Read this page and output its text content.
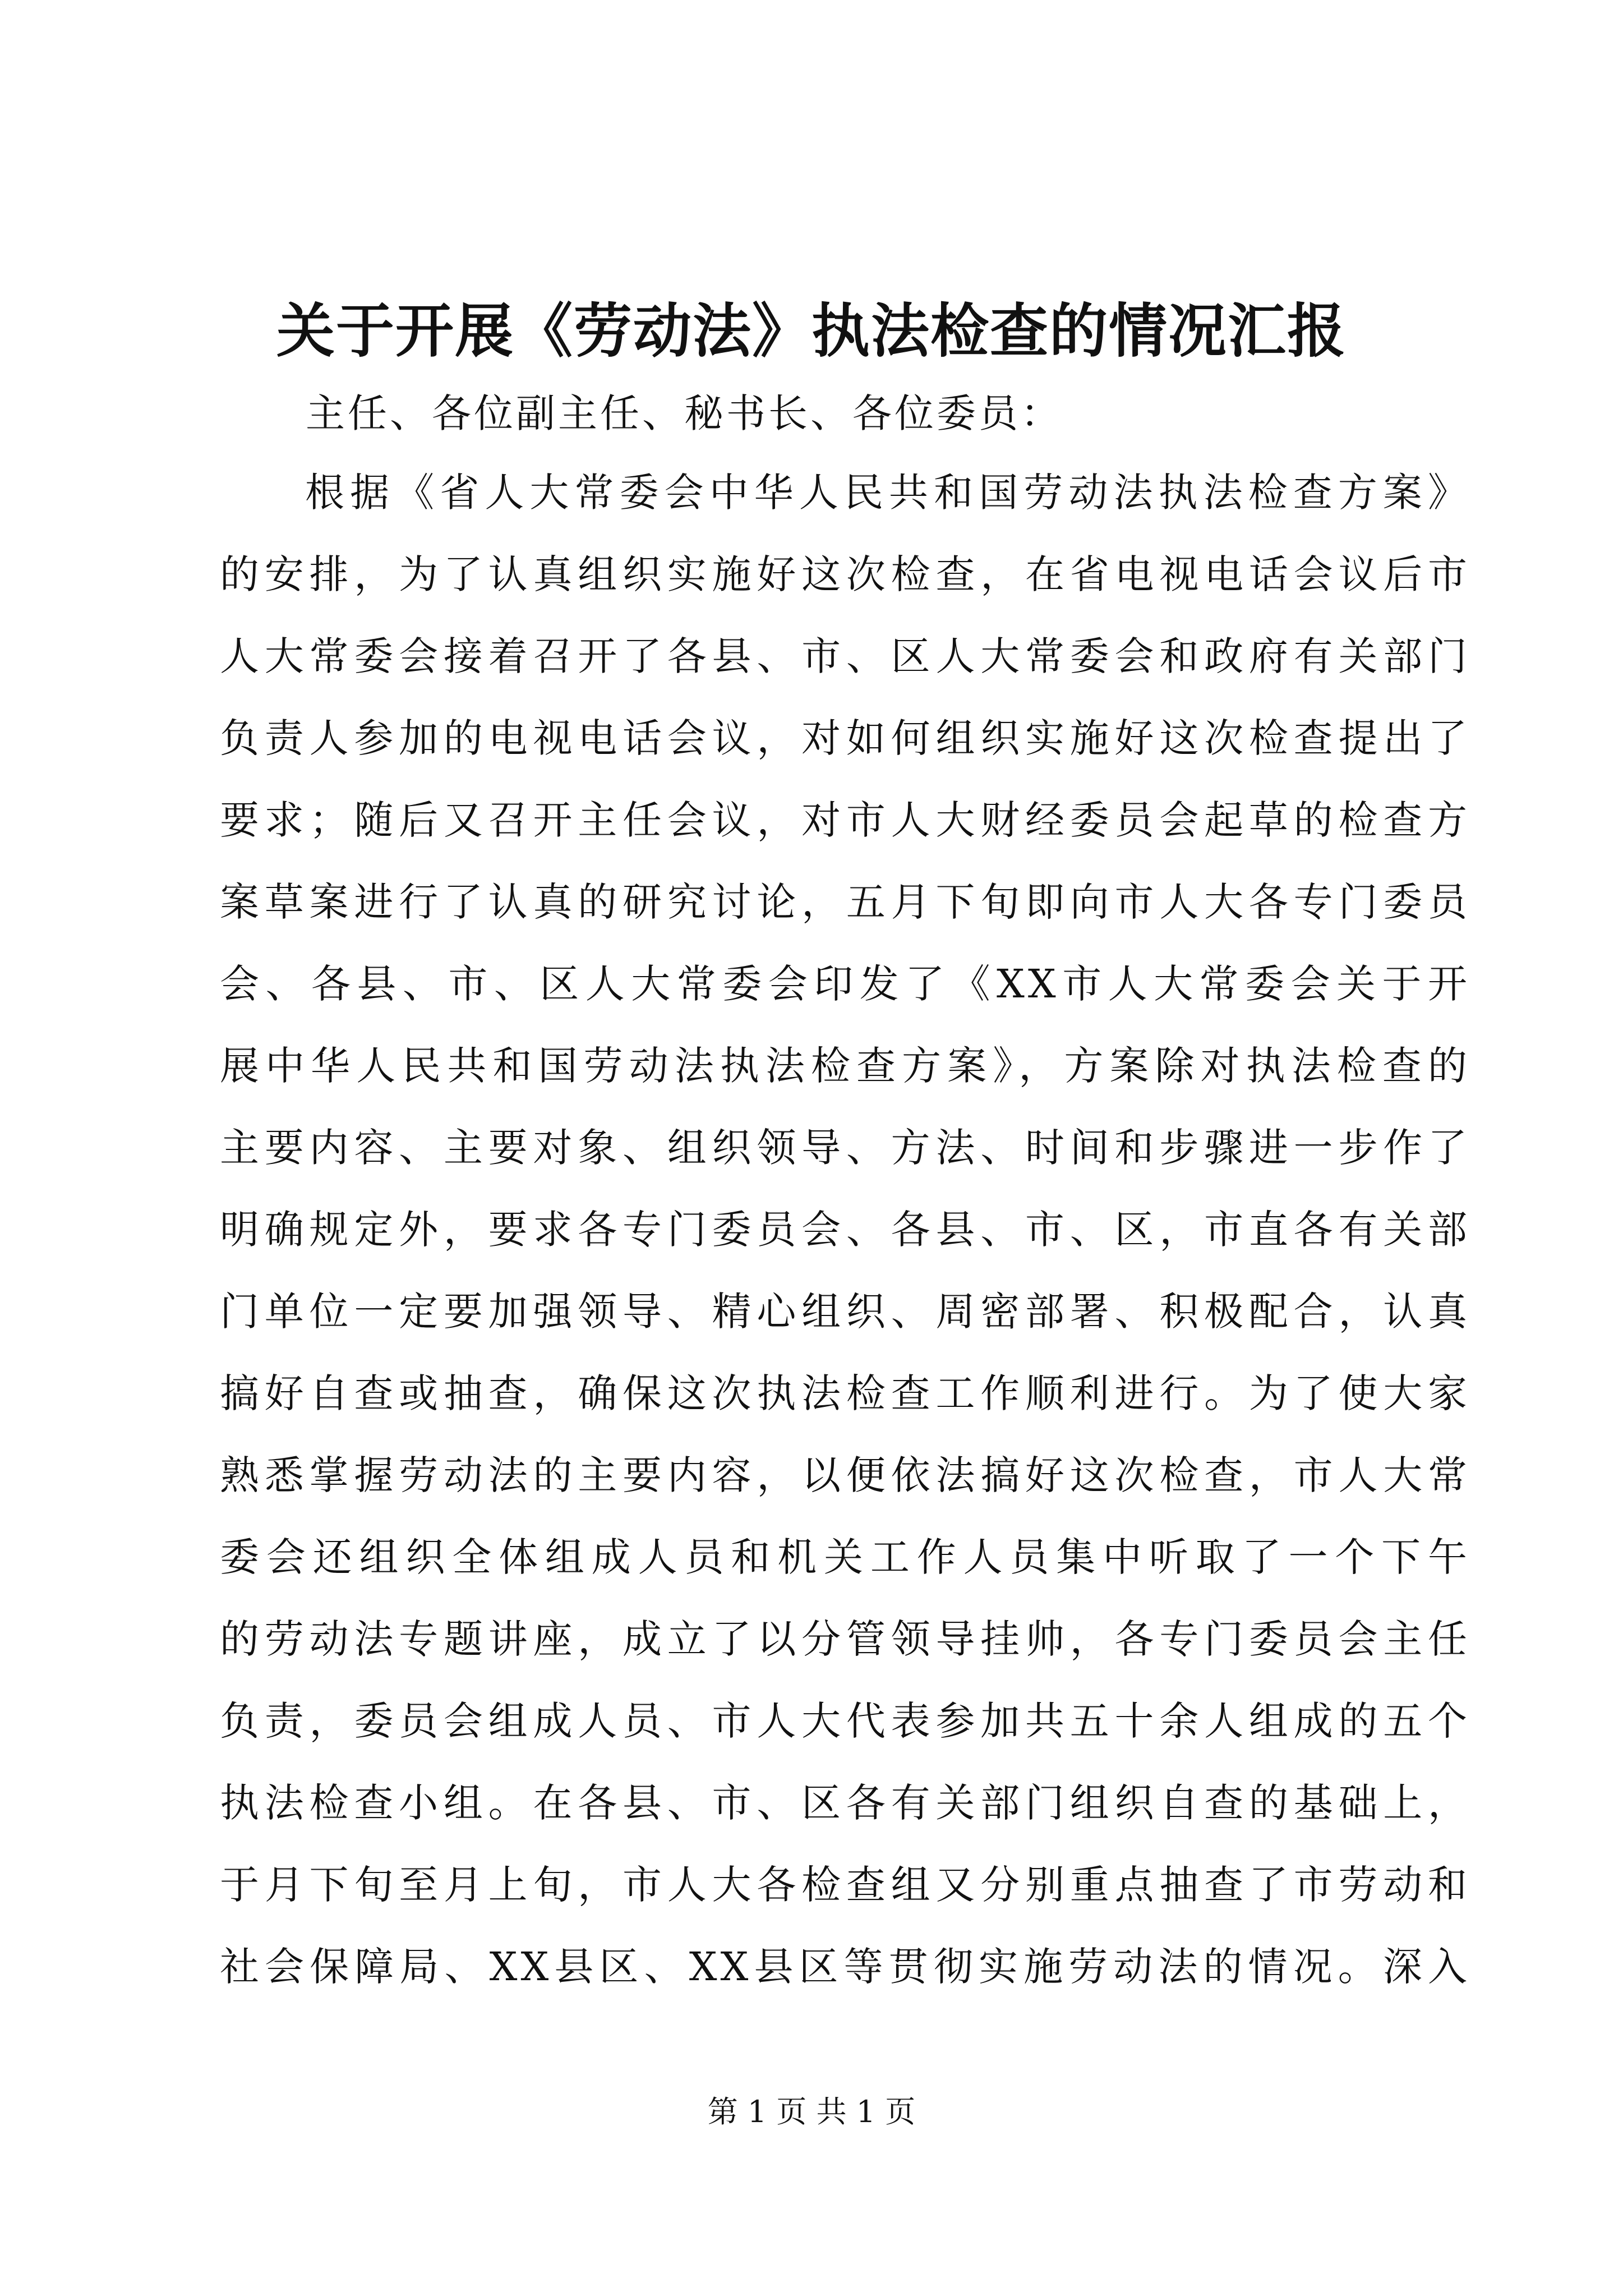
关于开展《劳动法》执法检查的情况汇报
主任、各位副主任、秘书长、各位委员：
根据《省人大常委会中华人民共和国劳动法执法检查方案》
的安排，为了认真组织实施好这次检查，在省电视电话会议后市
人大常委会接着召开了各县、市、区人大常委会和政府有关部门
负责人参加的电视电话会议，对如何组织实施好这次检查提出了
要求；随后又召开主任会议，对市人大财经委员会起草的检查方
案草案进行了认真的研究讨论，五月下旬即向市人大各专门委员
会、各县、市、区人大常委会印发了《XX市人大常委会关于开
展中华人民共和国劳动法执法检查方案》，方案除对执法检查的
主要内容、主要对象、组织领导、方法、时间和步骤进一步作了
明确规定外，要求各专门委员会、各县、市、区，市直各有关部
门单位一定要加强领导、精心组织、周密部署、积极配合，认真
搞好自查或抽查，确保这次执法检查工作顺利进行。为了使大家
熟悉掌握劳动法的主要内容，以便依法搞好这次检查，市人大常
委会还组织全体组成人员和机关工作人员集中听取了一个下午
的劳动法专题讲座，成立了以分管领导挂帅，各专门委员会主任
负责，委员会组成人员、市人大代表参加共五十余人组成的五个
执法检查小组。在各县、市、区各有关部门组织自查的基础上，
于月下旬至月上旬，市人大各检查组又分别重点抽查了市劳动和
社会保障局、XX县区、XX县区等贯彻实施劳动法的情况。深入
第 1 页 共 1 页
